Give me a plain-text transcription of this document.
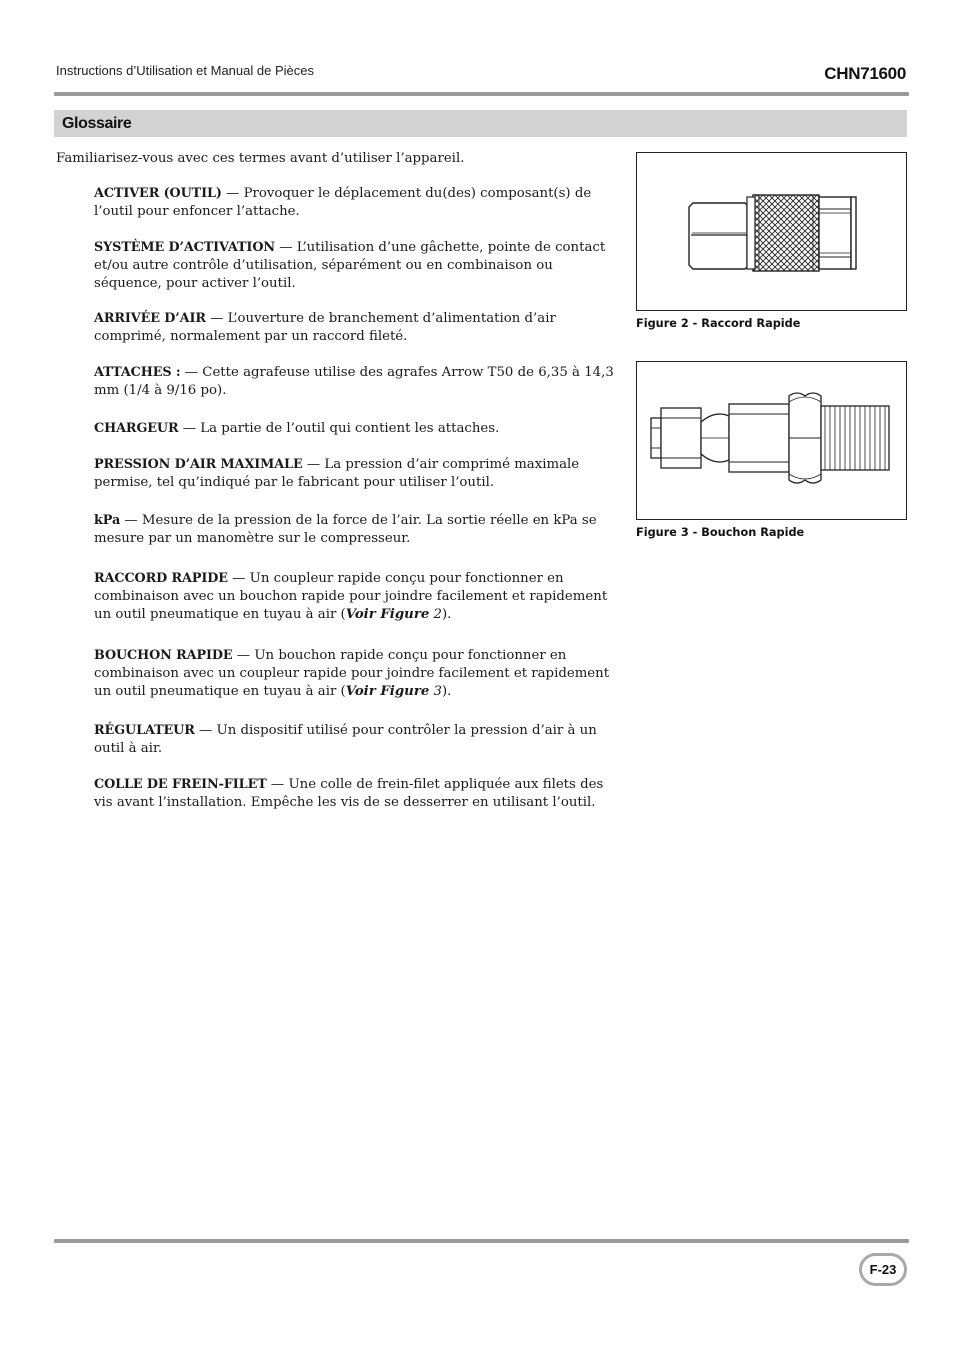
Instructions d’Utilisation et Manual de Pièces	CHN71600
Glossaire
Familiarisez-vous avec ces termes avant d’utiliser l’appareil.

ACTIVER (OUTIL) — Provoquer le déplacement du(des) composant(s) de l’outil pour enfoncer l’attache.

SYSTÈME D’ACTIVATION — L’utilisation d’une gâchette, pointe de contact et/ou autre contrôle d’utilisation, séparément ou en combinaison ou séquence, pour activer l’outil.

ARRIVÉE D’AIR — L’ouverture de branchement d’alimentation d’air comprimé, normalement par un raccord fileté.

ATTACHES : — Cette agrafeuse utilise des agrafes Arrow T50 de 6,35 à 14,3 mm (1/4 à 9/16 po).

CHARGEUR — La partie de l’outil qui contient les attaches.

PRESSION D’AIR MAXIMALE — La pression d’air comprimé maximale permise, tel qu’indiqué par le fabricant pour utiliser l’outil.

kPa — Mesure de la pression de la force de l’air. La sortie réelle en kPa se mesure par un manomètre sur le compresseur.

RACCORD RAPIDE — Un coupleur rapide conçu pour fonctionner en combinaison avec un bouchon rapide pour joindre facilement et rapidement un outil pneumatique en tuyau à air (Voir Figure 2).

BOUCHON RAPIDE — Un bouchon rapide conçu pour fonctionner en combinaison avec un coupleur rapide pour joindre facilement et rapidement un outil pneumatique en tuyau à air (Voir Figure 3).

RÉGULATEUR — Un dispositif utilisé pour contrôler la pression d’air à un outil à air.

COLLE DE FREIN-FILET — Une colle de frein-filet appliquée aux filets des vis avant l’installation. Empêche les vis de se desserrer en utilisant l’outil.

Figure 2 - Raccord Rapide
Figure 3 - Bouchon Rapide
F-23
